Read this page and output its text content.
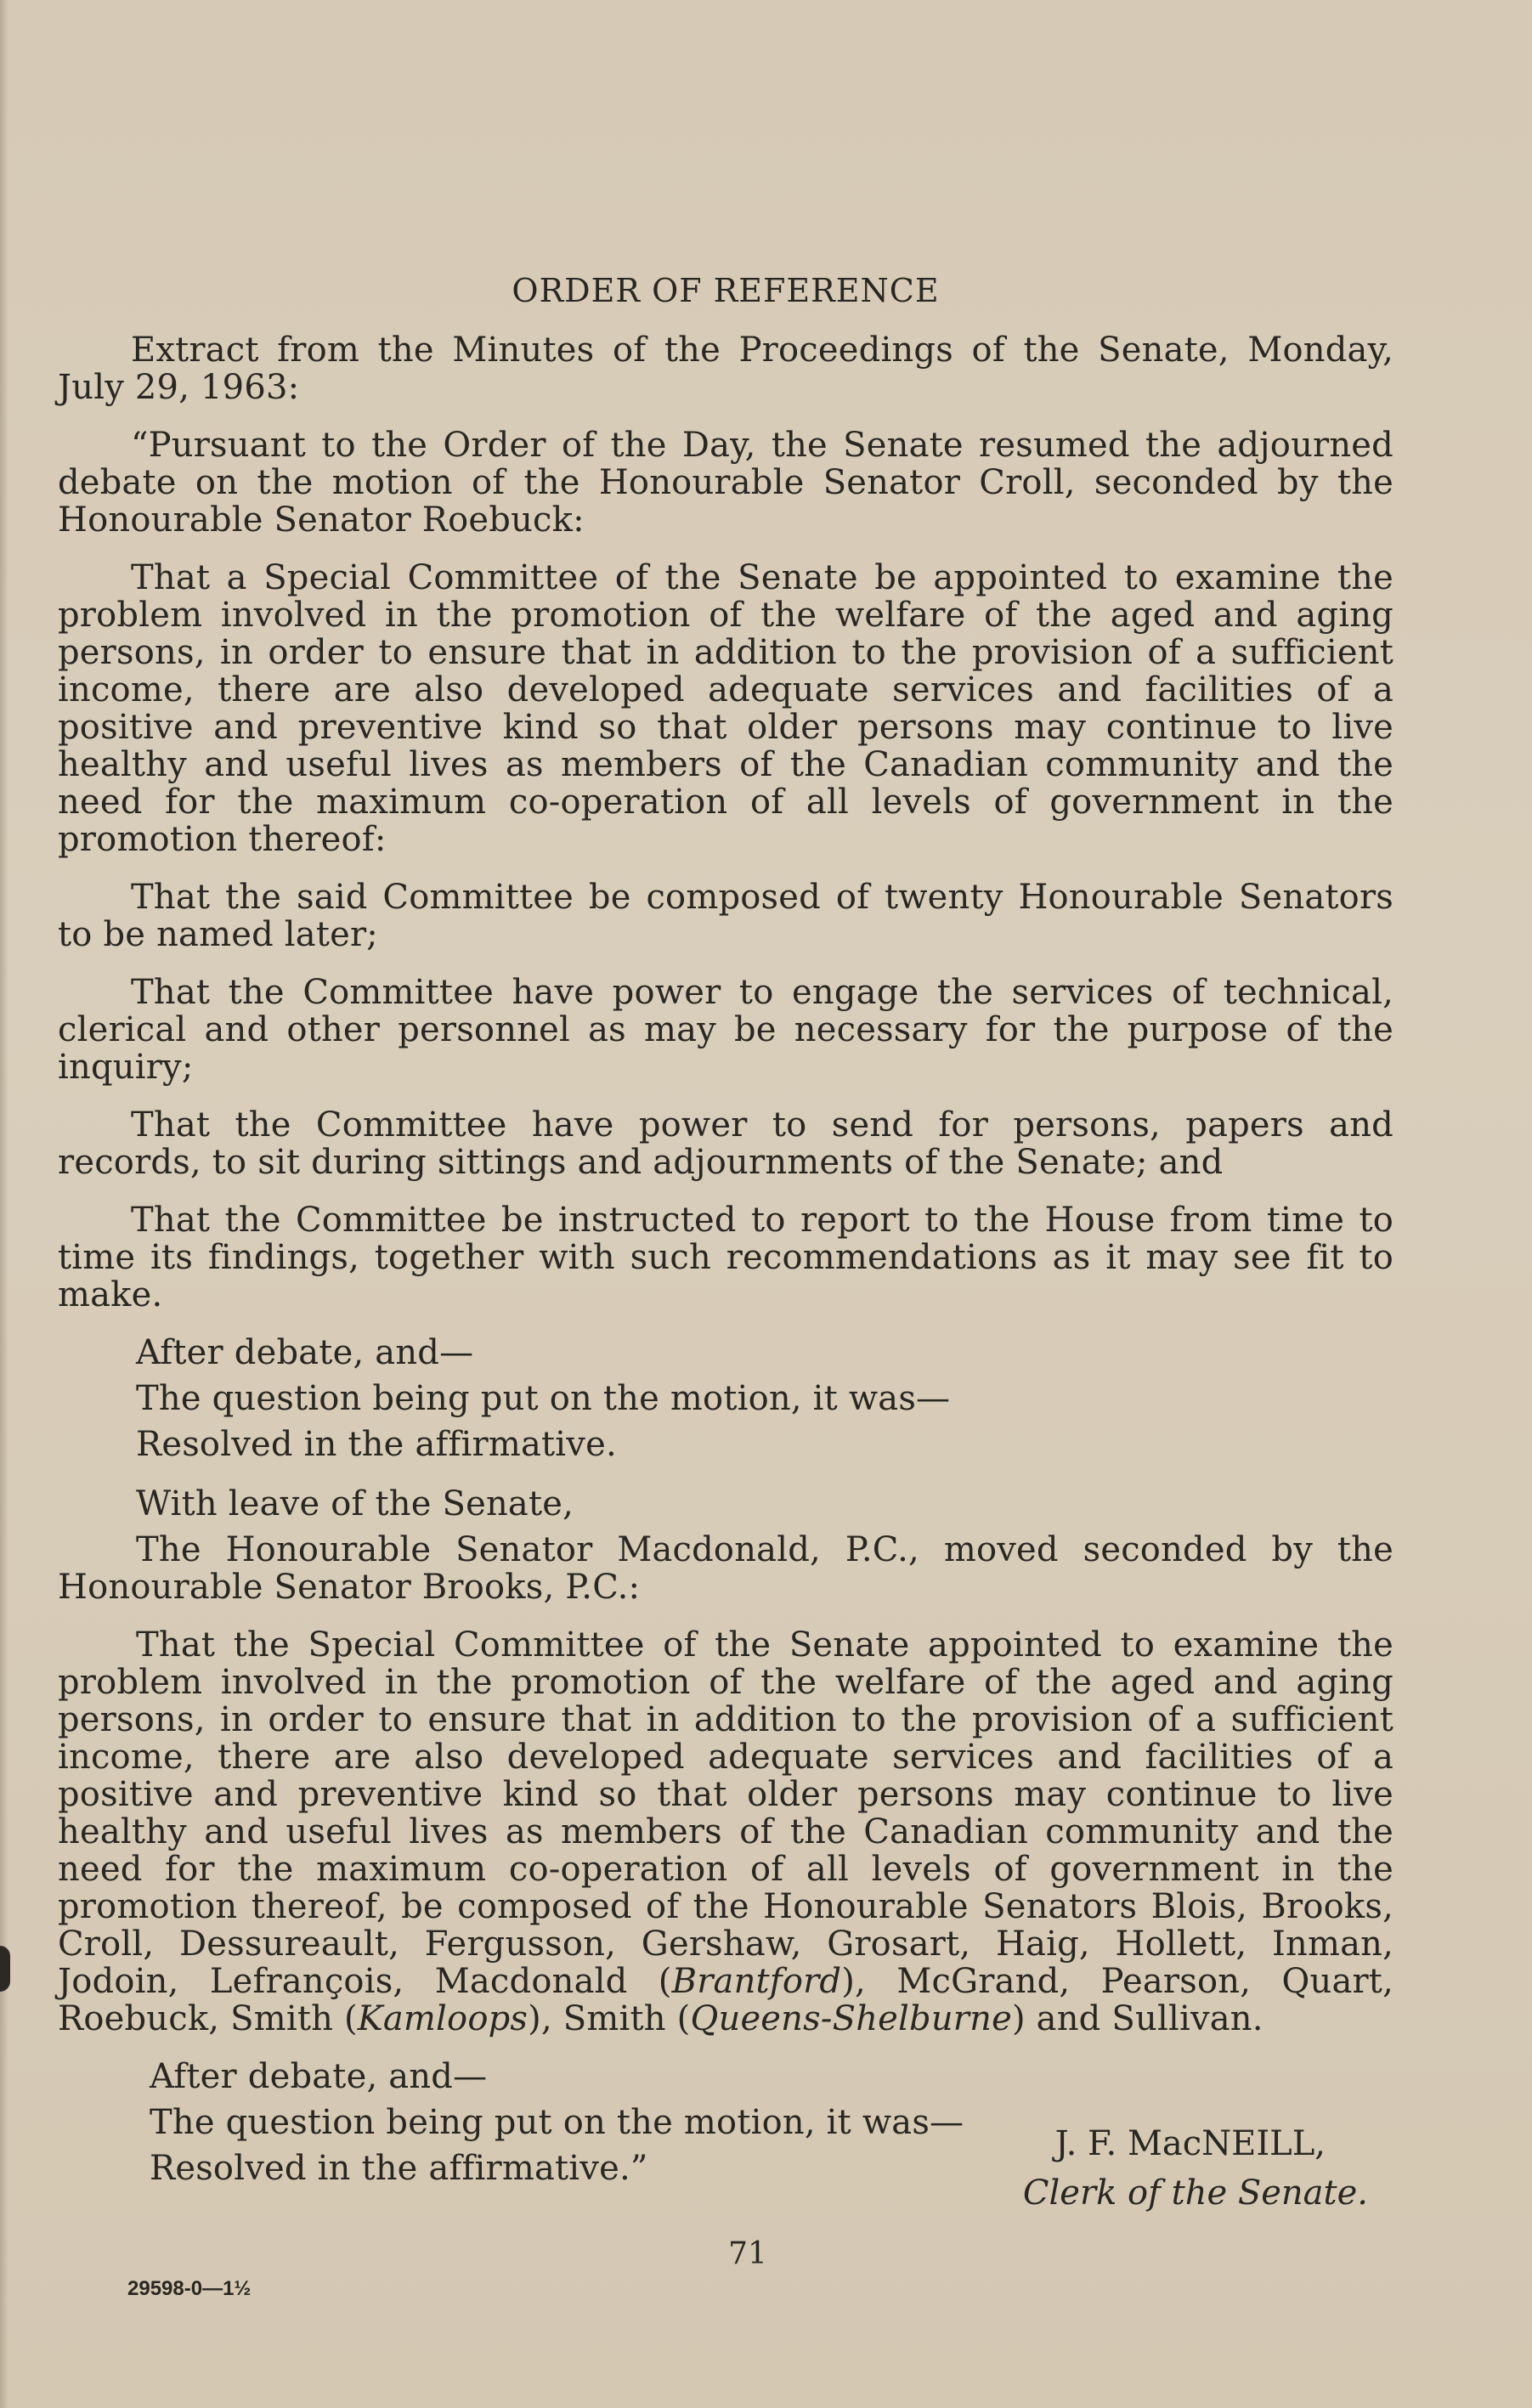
ORDER OF REFERENCE

Extract from the Minutes of the Proceedings of the Senate, Monday, July 29, 1963:

“Pursuant to the Order of the Day, the Senate resumed the adjourned debate on the motion of the Honourable Senator Croll, seconded by the Honourable Senator Roebuck:

That a Special Committee of the Senate be appointed to examine the problem involved in the promotion of the welfare of the aged and aging persons, in order to ensure that in addition to the provision of a sufficient income, there are also developed adequate services and facilities of a positive and preventive kind so that older persons may continue to live healthy and useful lives as members of the Canadian community and the need for the maximum co-operation of all levels of government in the promotion thereof:

That the said Committee be composed of twenty Honourable Senators to be named later;

That the Committee have power to engage the services of technical, clerical and other personnel as may be necessary for the purpose of the inquiry;

That the Committee have power to send for persons, papers and records, to sit during sittings and adjournments of the Senate; and

That the Committee be instructed to report to the House from time to time its findings, together with such recommendations as it may see fit to make.

After debate, and—
The question being put on the motion, it was—
Resolved in the affirmative.
With leave of the Senate,

The Honourable Senator Macdonald, P.C., moved seconded by the Honourable Senator Brooks, P.C.:

That the Special Committee of the Senate appointed to examine the problem involved in the promotion of the welfare of the aged and aging persons, in order to ensure that in addition to the provision of a sufficient income, there are also developed adequate services and facilities of a positive and preventive kind so that older persons may continue to live healthy and useful lives as members of the Canadian community and the need for the maximum co-operation of all levels of government in the promotion thereof, be composed of the Honourable Senators Blois, Brooks, Croll, Dessureault, Fergusson, Gershaw, Grosart, Haig, Hollett, Inman, Jodoin, Lefrançois, Macdonald (Brantford), McGrand, Pearson, Quart, Roebuck, Smith (Kamloops), Smith (Queens-Shelburne) and Sullivan.

After debate, and—
The question being put on the motion, it was—
Resolved in the affirmative.”
J. F. MacNEILL,
Clerk of the Senate.
71
29598-0—1½
